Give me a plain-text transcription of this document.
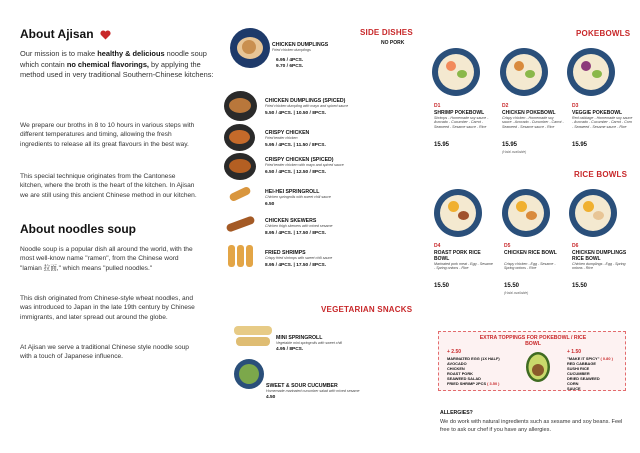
About Ajisan
Our mission is to make healthy & delicious noodle soup which contain no chemical flavorings, by applying the method used in very traditional Southern-Chinese kitchens:
We prepare our broths in 8 to 10 hours in various steps with different temperatures and timing, allowing the fresh ingredients to release all its great flavours in the best way.
This special technique originates from the Cantonese kitchen, where the broth is the heart of the kitchen. In Ajisan we are still using this ancient Chinese method in our kitchen.
About noodles soup
Noodle soup is a popular dish all around the world, with the most well-know name "ramen", from the Chinese word "lamian 拉面," which means "pulled noodles."
This dish originated from Chinese-style wheat noodles, and was introduced to Japan in the late 19th century by Chinese immigrants, and later spread out around the globe.
At Ajisan we serve a traditional Chinese style noodle soup with a touch of Japanese influence.
SIDE DISHES
NO PORK
CHICKEN DUMPLINGS
Fried chicken dumplings
6.95 / 4PCS.
9.70 / 6PCS.
CHICKEN DUMPLINGS (SPICED)
Fried chicken dumpling with mayo and spiced sauce
5.50 / 4PCS. | 10.50 / 8PCS.
CRISPY CHICKEN
Fried tender chicken
5.95 / 4PCS. | 11.50 / 8PCS.
CRISPY CHICKEN (SPICED)
Fried tender chicken with mayo and spiced sauce
6.50 / 4PCS. | 12.50 / 8PCS.
HEI-HEI SPRINGROLL
Chicken springrolls with sweet chili sauce
6.50
CHICKEN SKEWERS
Chicken thigh skewers with mixed sesame
8.95 / 4PCS. | 17.50 / 8PCS.
FRIED SHRIMPS
Crispy fried shrimps with sweet chili sauce
8.95 / 4PCS. | 17.50 / 8PCS.
VEGETARIAN SNACKS
MINI SPRINGROLL
Vegetable mini springrolls with sweet chili
4.95 / 8PCS.
SWEET & SOUR CUCUMBER
Homemade marinated cucumber salad with mixed sesame
4.50
POKEBOWLS
D1
SHRIMP POKEBOWL
Shrimps - Homemade soy sauce - Avocado - Cucumber - Carrot - Seaweed - Sesame sauce - Rice
15.95
D2
CHICKEN POKEBOWL
Crispy chicken - Homemade soy sauce - Avocado - Cucumber - Carrot - Seaweed - Sesame sauce - Rice
15.95
(Halal available)
D3
VEGGIE POKEBOWL
Red cabbage - Homemade soy sauce - Avocado - Cucumber - Carrot - Corn - Seaweed - Sesame sauce - Rice
15.95
RICE BOWLS
D4
ROAST PORK RICE BOWL
Marinated pork meat - Egg - Sesame - Spring onions - Rice
15.50
D5
CHICKEN RICE BOWL
Crispy chicken - Egg - Sesame - Spring onions - Rice
15.50
(Halal available)
D6
CHICKEN DUMPLINGS RICE BOWL
Chicken dumplings - Egg - Spring onions - Rice
15.50
EXTRA TOPPINGS FOR POKEBOWL / RICE BOWL
+ 2.50
MARINATED EGG (1X HALF)
AVOCADO
CHICKEN
ROAST PORK
SEAWEED SALAD
FRIED SHRIMP 2PCS ( 3.50 )
+ 1.50
"MAKE IT SPICY" ( 0.80 )
RED CABBAGE
SUSHI RICE
CUCUMBER
DRIED SEAWEED
CORN
SAUCE
ALLERGIES?
We do work with natural ingredients such as sesame and soy beans. Feel free to ask our chef if you have any allergies.
